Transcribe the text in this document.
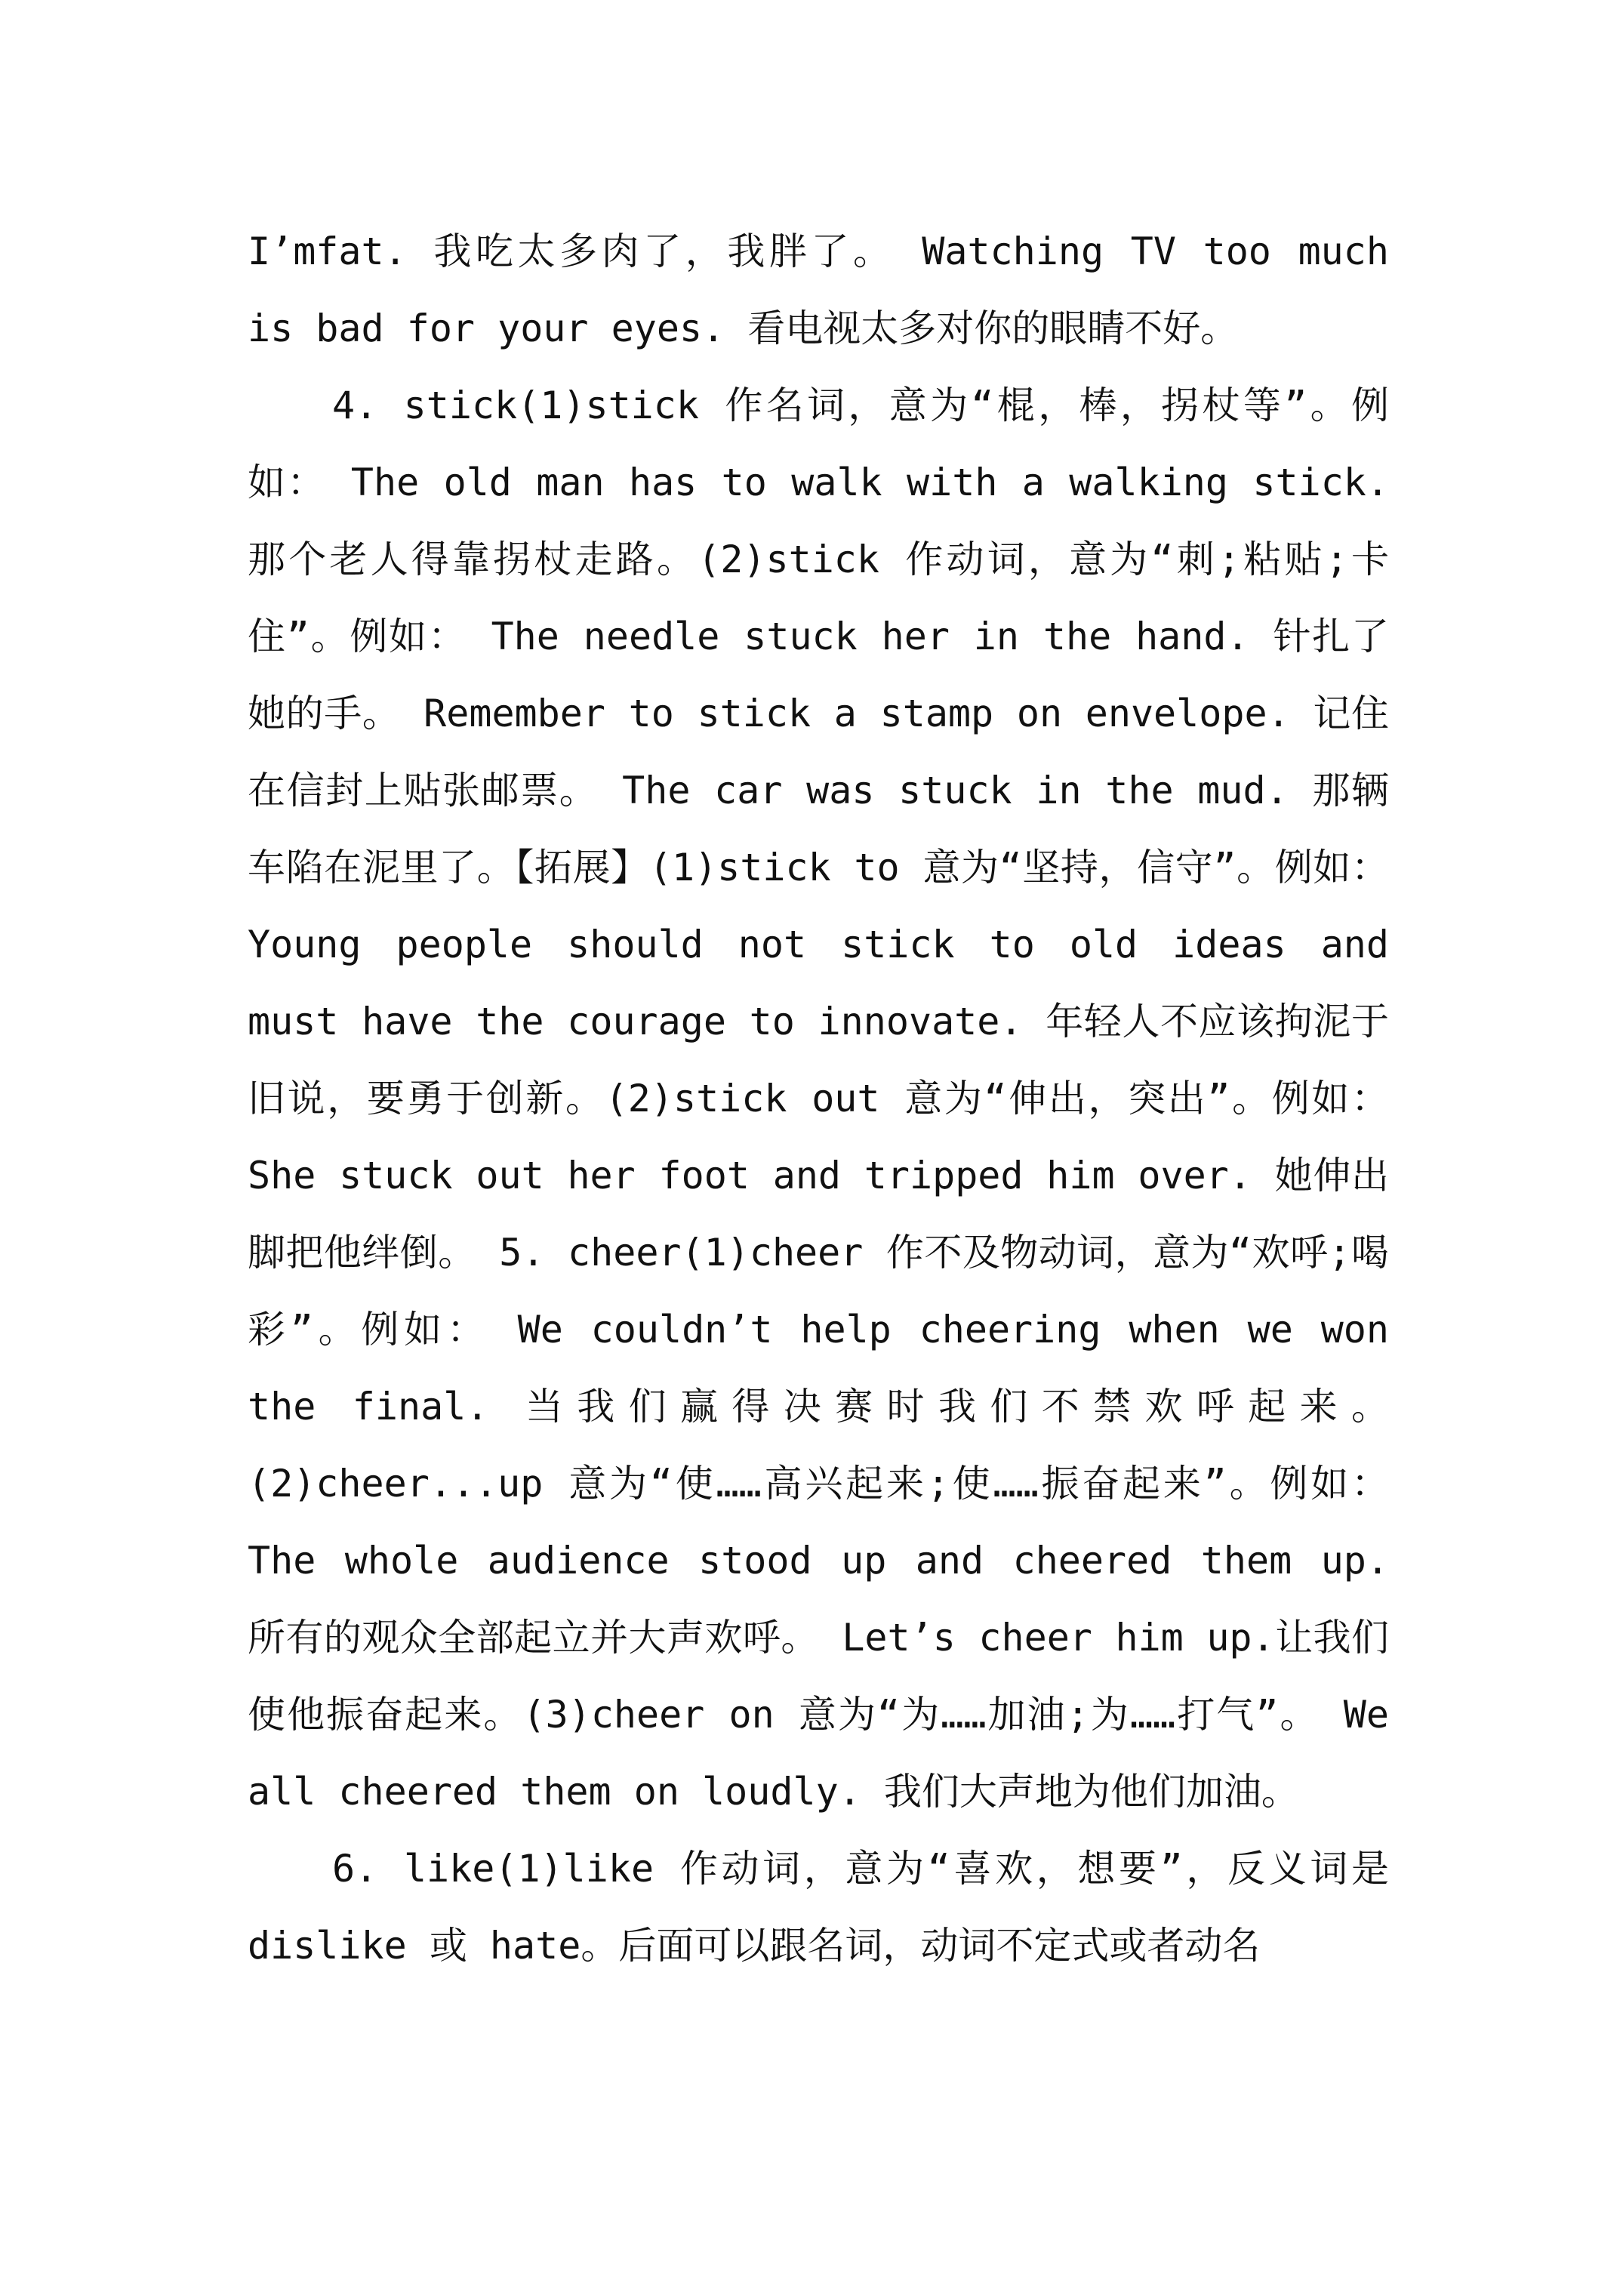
I’mfat. 我吃太多肉了，我胖了。 Watching TV too much is bad for your eyes. 看电视太多对你的眼睛不好。

4. stick(1)stick 作名词，意为“棍，棒，拐杖等”。例如： The old man has to walk with a walking stick. 那个老人得靠拐杖走路。(2)stick 作动词，意为“刺;粘贴;卡住”。例如： The needle stuck her in the hand. 针扎了她的手。 Remember to stick a stamp on envelope. 记住在信封上贴张邮票。 The car was stuck in the mud. 那辆车陷在泥里了。【拓展】(1)stick to 意为“坚持，信守”。例如： Young people should not stick to old ideas and must have the courage to innovate. 年轻人不应该拘泥于旧说，要勇于创新。(2)stick out 意为“伸出，突出”。例如： She stuck out her foot and tripped him over. 她伸出脚把他绊倒。 5. cheer(1)cheer 作不及物动词，意为“欢呼;喝彩”。例如： We couldn’t help cheering when we won the final. 当我们赢得决赛时我们不禁欢呼起来。(2)cheer...up 意为“使……高兴起来;使……振奋起来”。例如： The whole audience stood up and cheered them up. 所有的观众全部起立并大声欢呼。 Let’s cheer him up.让我们使他振奋起来。(3)cheer on 意为“为……加油;为……打气”。 We all cheered them on loudly. 我们大声地为他们加油。

6. like(1)like 作动词，意为“喜欢，想要”，反义词是 dislike 或 hate。后面可以跟名词，动词不定式或者动名
